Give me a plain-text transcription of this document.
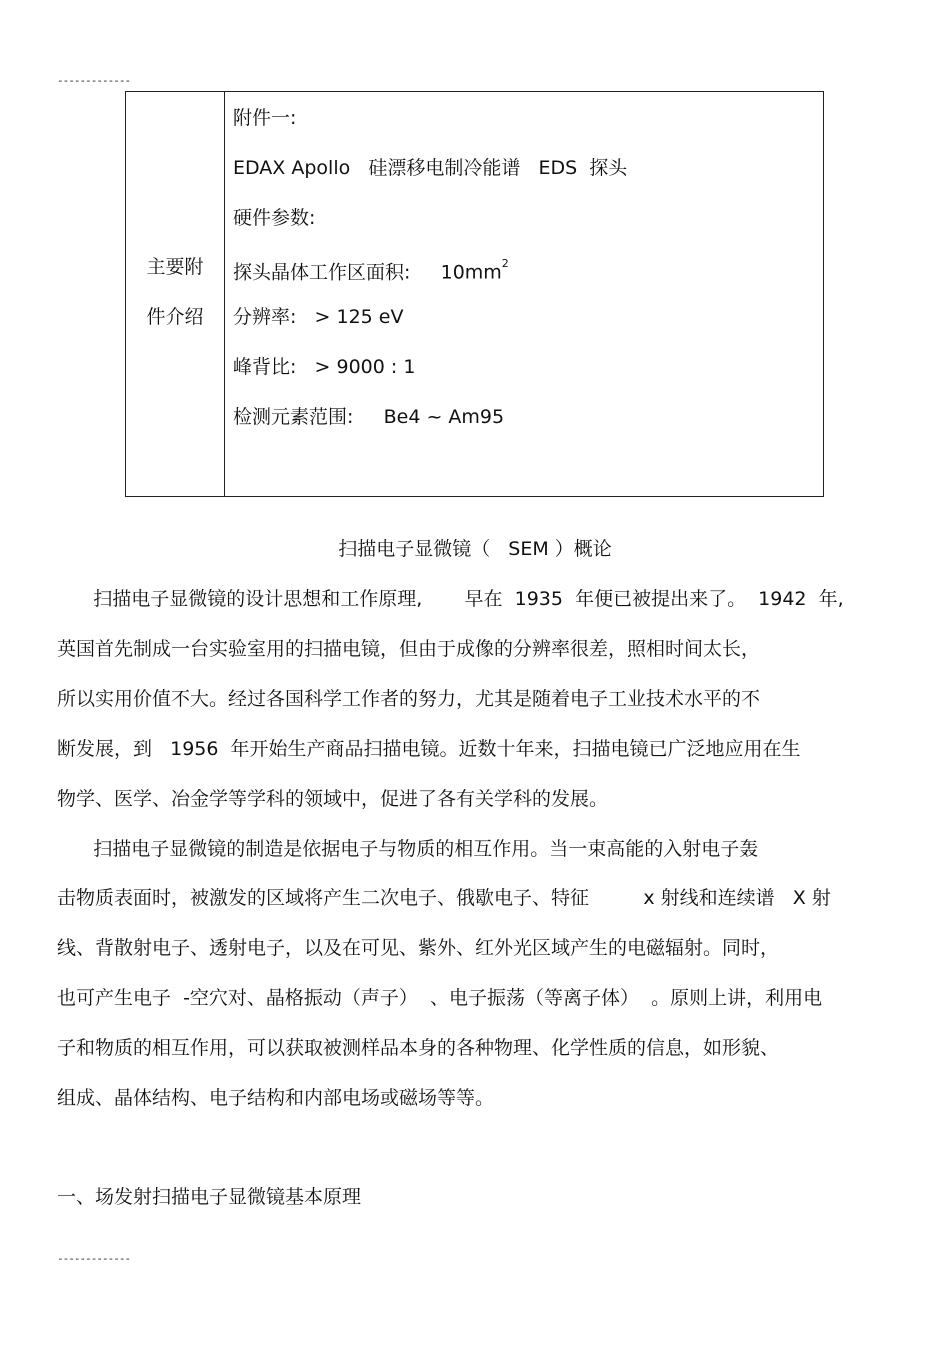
-------------
主要附
件介绍
附件一:
EDAX Apollo   硅漂移电制冷能谱   EDS  探头
硬件参数:
探头晶体工作区面积:     $10mm^2$
分辨率:   > 125 eV
峰背比:   > 9000 : 1
检测元素范围:     Be4 ~ Am95
扫描电子显微镜（   SEM ）概论
扫描电子显微镜的设计思想和工作原理,       早在  1935  年便已被提出来了。  1942  年,
英国首先制成一台实验室用的扫描电镜，但由于成像的分辨率很差，照相时间太长，
所以实用价值不大。经过各国科学工作者的努力，尤其是随着电子工业技术水平的不
断发展，到   1956  年开始生产商品扫描电镜。近数十年来，扫描电镜已广泛地应用在生
物学、医学、冶金学等学科的领域中，促进了各有关学科的发展。
扫描电子显微镜的制造是依据电子与物质的相互作用。当一束高能的入射电子轰
击物质表面时，被激发的区域将产生二次电子、俄歇电子、特征         x 射线和连续谱   X 射
线、背散射电子、透射电子，以及在可见、紫外、红外光区域产生的电磁辐射。同时，
也可产生电子  -空穴对、晶格振动（声子）  、电子振荡（等离子体）  。原则上讲，利用电
子和物质的相互作用，可以获取被测样品本身的各种物理、化学性质的信息，如形貌、
组成、晶体结构、电子结构和内部电场或磁场等等。
一、场发射扫描电子显微镜基本原理
-------------
